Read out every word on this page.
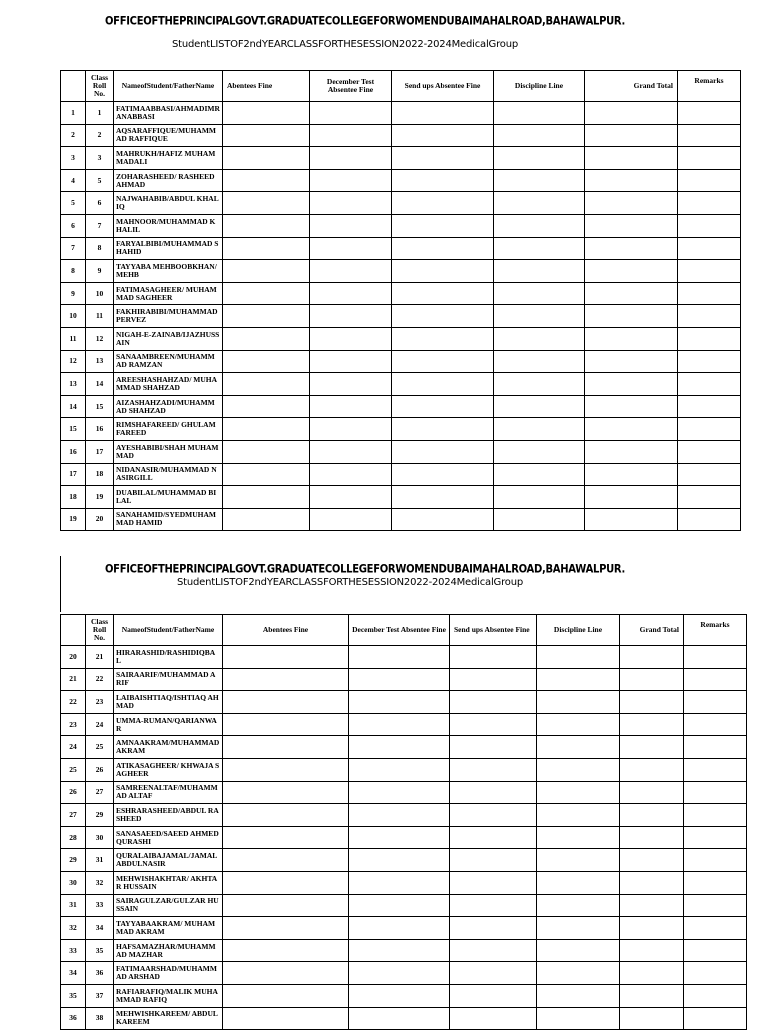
OFFICEOFTHEPRINCIPALGOVT.GRADUATECOLLEGEFORWOMENDUBAIMAHALROAD,BAHAWALPUR.
StudentLISTOF2ndYEARCLASSFORTHESESSION2022-2024MedicalGroup
	Class Roll No.	NameofStudent/FatherName	Abentees Fine	December Test Absentee Fine	Send ups Absentee Fine	Discipline Line	Grand Total	Remarks
1	1	FATIMAABBASI/AHMADIMRANABBASI						
2	2	AQSARAFFIQUE/MUHAMMAD RAFFIQUE						
3	3	MAHRUKH/HAFIZ MUHAMMADALI						
4	5	ZOHARASHEED/ RASHEED AHMAD						
5	6	NAJWAHABIB/ABDUL KHALIQ						
6	7	MAHNOOR/MUHAMMAD KHALIL						
7	8	FARYALBIBI/MUHAMMAD SHAHID						
8	9	TAYYABA MEHBOOBKHAN/MEHB						
9	10	FATIMASAGHEER/ MUHAMMAD SAGHEER						
10	11	FAKHIRABIBI/MUHAMMAD PERVEZ						
11	12	NIGAH-E-ZAINAB/IJAZHUSSAIN						
12	13	SANAAMBREEN/MUHAMMAD RAMZAN						
13	14	AREESHASHAHZAD/ MUHAMMAD SHAHZAD						
14	15	AIZASHAHZADI/MUHAMMAD SHAHZAD						
15	16	RIMSHAFAREED/ GHULAM FAREED						
16	17	AYESHABIBI/SHAH MUHAMMAD						
17	18	NIDANASIR/MUHAMMAD NASIRGILL						
18	19	DUABILAL/MUHAMMAD BILAL						
19	20	SANAHAMID/SYEDMUHAMMAD HAMID						
OFFICEOFTHEPRINCIPALGOVT.GRADUATECOLLEGEFORWOMENDUBAIMAHALROAD,BAHAWALPUR.
StudentLISTOF2ndYEARCLASSFORTHESESSION2022-2024MedicalGroup
	Class Roll No.	NameofStudent/FatherName	Abentees Fine	December Test Absentee Fine	Send ups Absentee Fine	Discipline Line	Grand Total	Remarks
20	21	HIRARASHID/RASHIDIQBAL						
21	22	SAIRAARIF/MUHAMMAD ARIF						
22	23	LAIBAISHTIAQ/ISHTIAQ AHMAD						
23	24	UMMA-RUMAN/QARIANWAR						
24	25	AMNAAKRAM/MUHAMMAD AKRAM						
25	26	ATIKASAGHEER/ KHWAJA SAGHEER						
26	27	SAMREENALTAF/MUHAMMAD ALTAF						
27	29	ESHRARASHEED/ABDUL RASHEED						
28	30	SANASAEED/SAEED AHMEDQURASHI						
29	31	QURALAIBAJAMAL/JAMALABDULNASIR						
30	32	MEHWISHAKHTAR/ AKHTAR HUSSAIN						
31	33	SAIRAGULZAR/GULZAR HUSSAIN						
32	34	TAYYABAAKRAM/ MUHAMMAD AKRAM						
33	35	HAFSAMAZHAR/MUHAMMAD MAZHAR						
34	36	FATIMAARSHAD/MUHAMMAD ARSHAD						
35	37	RAFIARAFIQ/MALIK MUHAMMAD RAFIQ						
36	38	MEHWISHKAREEM/ ABDUL KAREEM						
